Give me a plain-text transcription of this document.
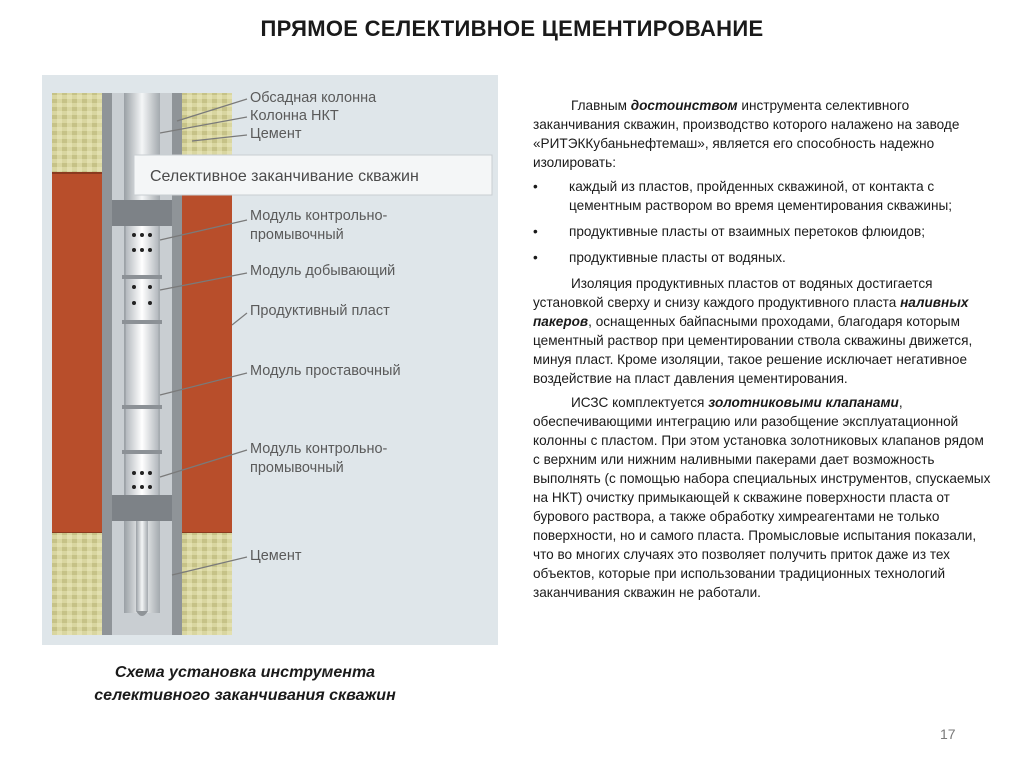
ПРЯМОЕ СЕЛЕКТИВНОЕ ЦЕМЕНТИРОВАНИЕ
Селективное заканчивание скважин
Обсадная колонна
Колонна НКТ
Цемент
Модуль контрольно-
промывочный
Модуль добывающий
Продуктивный пласт
Модуль проставочный
Модуль контрольно-
промывочный
Цемент
Схема установка инструмента
селективного заканчивания скважин

Главным достоинством инструмента селективного заканчивания скважин, производство которого налажено на заводе «РИТЭККубаньнефтемаш», является его способность надежно изолировать:

• каждый из пластов, пройденных скважиной, от контакта с цементным раствором во время цементирования скважины;
• продуктивные пласты от взаимных перетоков флюидов;
• продуктивные пласты от водяных.

Изоляция продуктивных пластов от водяных достигается установкой сверху и снизу каждого продуктивного пласта наливных пакеров, оснащенных байпасными проходами, благодаря которым цементный раствор при цементировании ствола скважины движется, минуя пласт. Кроме изоляции, такое решение исключает негативное воздействие на пласт давления цементирования.

ИСЗС комплектуется золотниковыми клапанами, обеспечивающими интеграцию или разобщение эксплуатационной колонны с пластом. При этом установка золотниковых клапанов рядом с верхним или нижним наливными пакерами дает возможность выполнять (с помощью набора специальных инструментов, спускаемых на НКТ) очистку примыкающей к скважине поверхности пласта от бурового раствора, а также обработку химреагентами не только поверхности, но и самого пласта. Промысловые испытания показали, что во многих случаях это позволяет получить приток даже из тех объектов, которые при использовании традиционных технологий заканчивания скважин не работали.

17
